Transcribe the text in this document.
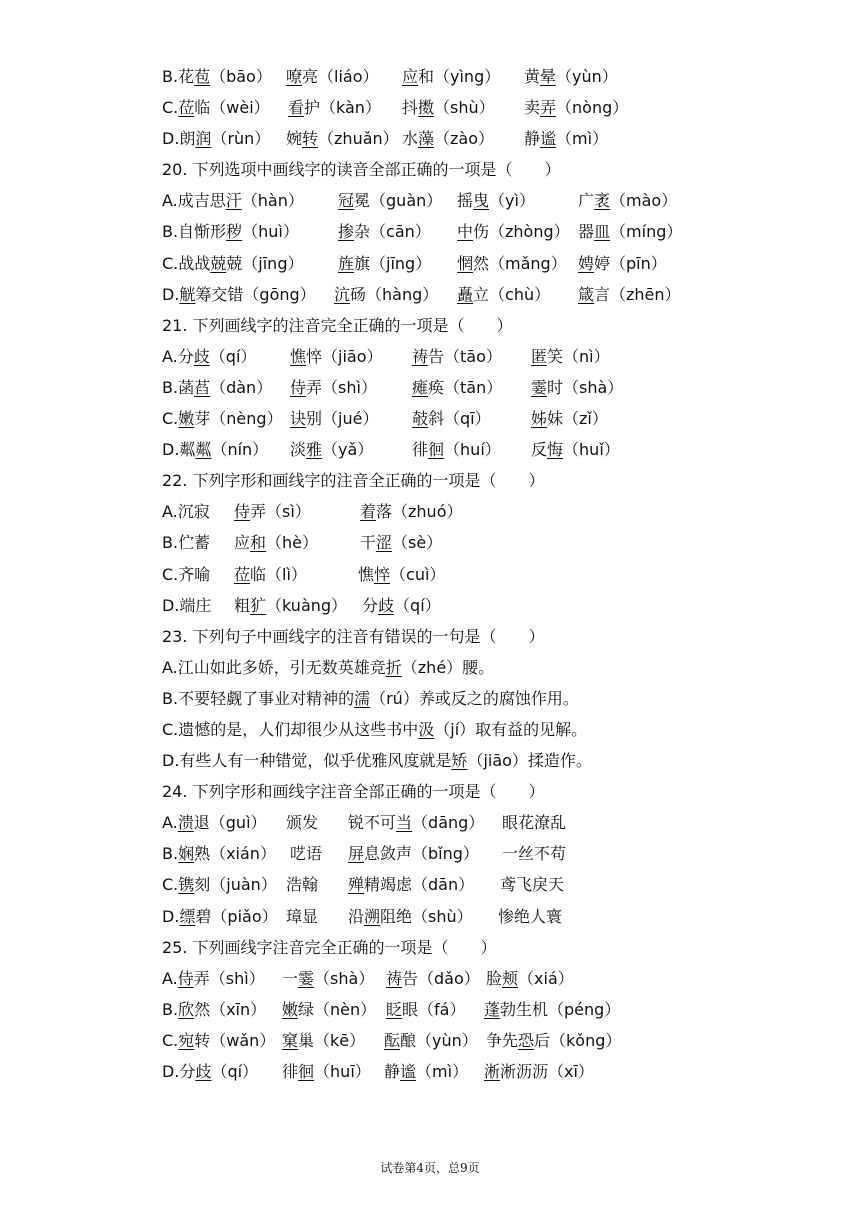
B.花苞（bāo） 嘹亮（liáo） 应和（yìng） 黄晕（yùn）
C.莅临（wèi） 看护（kàn） 抖擞（shù） 卖弄（nòng）
D.朗润（rùn） 婉转（zhuǎn） 水藻（zào） 静谧（mì）
20. 下列选项中画线字的读音全部正确的一项是（　　）
A.成吉思汗（hàn） 冠冕（guàn） 摇曳（yì）	广袤（mào）
B.自惭形秽（huì） 掺杂（cān） 中伤（zhòng） 器皿（míng）
C.战战兢兢（jīng） 旌旗（jīng） 惘然（mǎng） 娉婷（pīn）
D.觥筹交错（gōng） 沆砀（hàng） 矗立（chù） 箴言（zhēn）
21. 下列画线字的注音完全正确的一项是（　　）
A.分歧（qí） 憔悴（jiāo） 祷告（tāo） 匿笑（nì）
B.菡萏（dàn） 侍弄（shì） 瘫痪（tān） 霎时（shà）
C.嫩芽（nèng） 诀别（jué） 攲斜（qī）	姊妹（zǐ）
D.粼粼（nín） 淡雅（yǎ） 徘徊（huí） 反悔（huǐ）
22. 下列字形和画线字的注音全正确的一项是（　　）
A.沉寂 侍弄（sì）	着落（zhuó）
B.伫蓄 应和（hè）	干涩（sè）
C.齐喻 莅临（lì）	憔悴（cuì）
D.端庄 粗犷（kuàng） 分歧（qí）
23. 下列句子中画线字的注音有错误的一句是（　　）
A.江山如此多娇，引无数英雄竞折（zhé）腰。
B.不要轻觑了事业对精神的濡（rú）养或反之的腐蚀作用。
C.遗憾的是，人们却很少从这些书中汲（jí）取有益的见解。
D.有些人有一种错觉，似乎优雅风度就是矫（jiāo）揉造作。
24. 下列字形和画线字注音全部正确的一项是（　　）
A.溃退（guì） 颁发 锐不可当（dāng） 眼花潦乱
B.娴熟（xián） 呓语 屏息敛声（bǐng） 一丝不苟
C.镌刻（juàn） 浩翰 殚精竭虑（dān） 鸢飞戾天
D.缥碧（piǎo） 璋显 沿溯阻绝（shù） 惨绝人寰
25. 下列画线字注音完全正确的一项是（　　）
A.侍弄（shì） 一霎（shà） 祷告（dǎo） 脸颊（xiá）
B.欣然（xīn） 嫩绿（nèn） 眨眼（fá） 蓬勃生机（péng）
C.宛转（wǎn） 窠巢（kē） 酝酿（yùn） 争先恐后（kǒng）
D.分歧（qí） 徘徊（huī） 静谧（mì） 淅淅沥沥（xī）
试卷第4页，总9页
